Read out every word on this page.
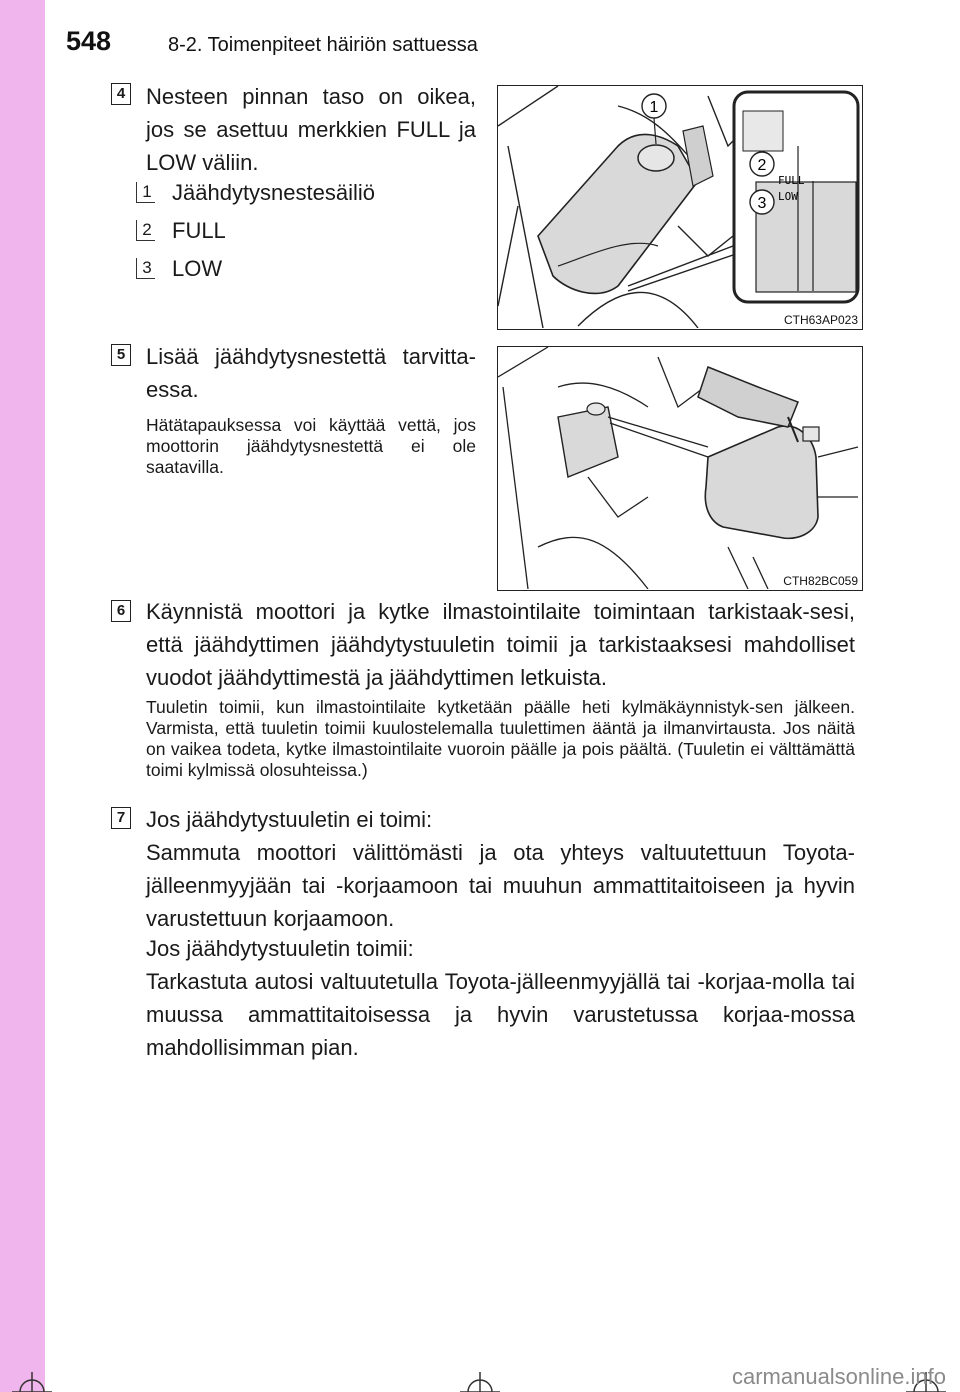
548	8-2. Toimenpiteet häiriön sattuessa
4 Nesteen pinnan taso on oikea, jos se asettuu merkkien FULL ja LOW väliin.
1 Jäähdytysnestesäiliö
2 FULL
3 LOW
1
2
3
FULL
LOW
CTH63AP023
5 Lisää jäähdytysnestettä tarvitta-essa.
Hätätapauksessa voi käyttää vettä, jos moottorin jäähdytysnestettä ei ole saatavilla.
CTH82BC059
6 Käynnistä moottori ja kytke ilmastointilaite toimintaan tarkistaak-sesi, että jäähdyttimen jäähdytystuuletin toimii ja tarkistaaksesi mahdolliset vuodot jäähdyttimestä ja jäähdyttimen letkuista.
Tuuletin toimii, kun ilmastointilaite kytketään päälle heti kylmäkäynnistyk-sen jälkeen. Varmista, että tuuletin toimii kuulostelemalla tuulettimen ääntä ja ilmanvirtausta. Jos näitä on vaikea todeta, kytke ilmastointilaite vuoroin päälle ja pois päältä. (Tuuletin ei välttämättä toimi kylmissä olosuhteissa.)
7 Jos jäähdytystuuletin ei toimi:
Sammuta moottori välittömästi ja ota yhteys valtuutettuun Toyota-jälleenmyyjään tai -korjaamoon tai muuhun ammattitaitoiseen ja hyvin varustettuun korjaamoon.
Jos jäähdytystuuletin toimii:
Tarkastuta autosi valtuutetulla Toyota-jälleenmyyjällä tai -korjaa-molla tai muussa ammattitaitoisessa ja hyvin varustetussa korjaa-mossa mahdollisimman pian.
carmanualsonline.info
